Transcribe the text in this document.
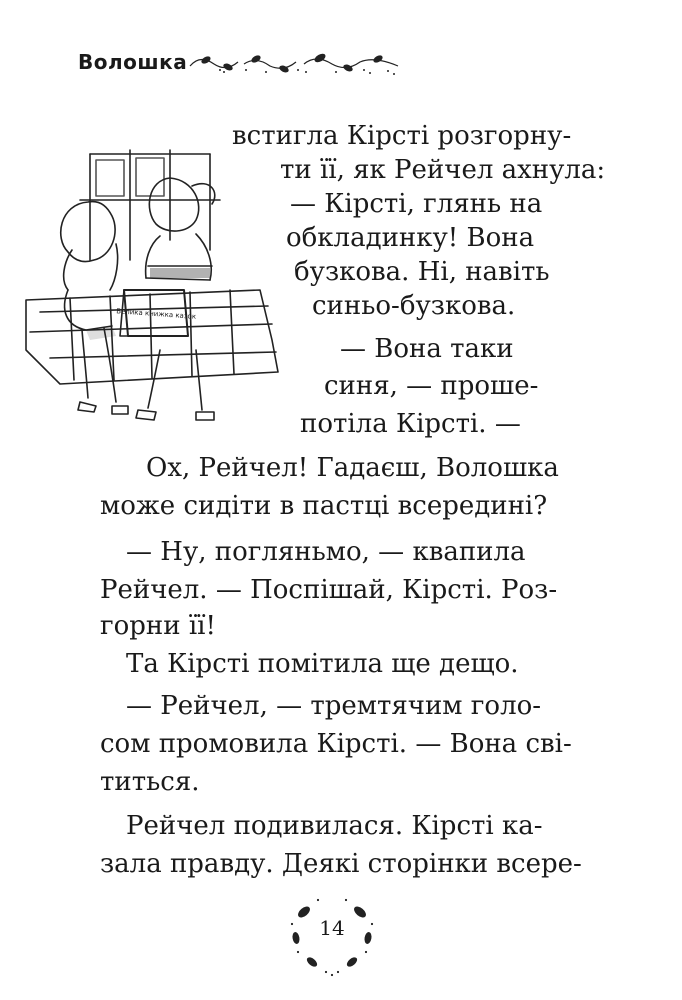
Волошка
Велика книжка казок
встигла Кірсті розгорну-
ти її, як Рейчел ахнула:
— Кірсті, глянь на
обкладинку! Вона
бузкова. Ні, навіть
синьо-бузкова.
— Вона таки
синя, — проше-
потіла Кірсті. —
Ох, Рейчел! Гадаєш, Волошка
може сидіти в пастці всередині?
— Ну, погляньмо, — квапила
Рейчел. — Поспішай, Кірсті. Роз-
горни її!
Та Кірсті помітила ще дещо.
— Рейчел, — тремтячим голо-
сом промовила Кірсті. — Вона сві-
титься.
Рейчел подивилася. Кірсті ка-
зала правду. Деякі сторінки всере-
14
